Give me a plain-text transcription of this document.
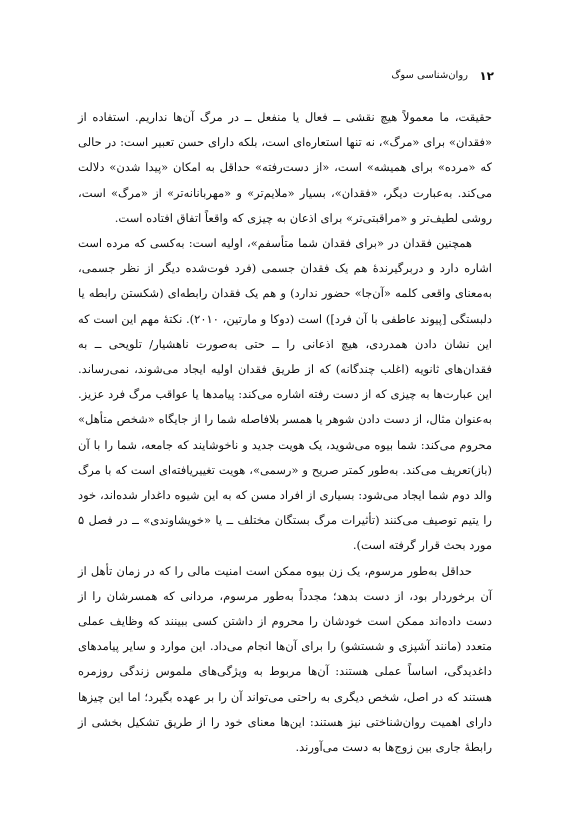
۱۲
روان‌شناسی سوگ

حقیقت، ما معمولاً هیچ نقشی ــ فعال یا منفعل ــ در مرگ آن‌ها نداریم. استفاده از «فقدان» برای «مرگ»، نه تنها استعاره‌ای است، بلکه دارای حسن تعبیر است: در حالی که «مرده» برای همیشه» است، «از دست‌رفته» حداقل به امکان «پیدا شدن» دلالت می‌کند. به‌عبارت دیگر، «فقدان»، بسیار «ملایم‌تر» و «مهربانانه‌تر» از «مرگ» است، روشی لطیف‌تر و «مراقبتی‌تر» برای اذعان به چیزی که واقعاً اتفاق افتاده است.

همچنین فقدان در «برای فقدان شما متأسفم»، اولیه است: به‌کسی که مرده است اشاره دارد و دربرگیرندۀ هم یک فقدان جسمی (فرد فوت‌شده دیگر از نظر جسمی، به‌معنای واقعی کلمه «آن‌جا» حضور ندارد) و هم یک فقدان رابطه‌ای (شکستن رابطه یا دلبستگی [پیوند عاطفی با آن فرد]) است (دوکا و مارتین، ۲۰۱۰). نکتۀ مهم این است که این نشان دادن همدردی، هیچ اذعانی را ــ حتی به‌صورت ناهشیار/ تلویحی ــ به فقدان‌های ثانویه (اغلب چندگانه) که از طریق فقدان اولیه ایجاد می‌شوند، نمی‌رساند. این عبارت‌ها به چیزی که از دست رفته اشاره می‌کند: پیامدها یا عواقب مرگ فرد عزیز. به‌عنوان مثال، از دست دادن شوهر یا همسر بلافاصله شما را از جایگاه «شخص متأهل» محروم می‌کند: شما بیوه می‌شوید، یک هویت جدید و ناخوشایند که جامعه، شما را با آن (باز)تعریف می‌کند. به‌طور کمتر صریح و «رسمی»، هویت تغییریافته‌ای است که با مرگ والد دوم شما ایجاد می‌شود: بسیاری از افراد مسن که به این شیوه داغدار شده‌اند، خود را یتیم توصیف می‌کنند (تأثیرات مرگ بستگان مختلف ــ یا «خویشاوندی» ــ در فصل ۵ مورد بحث قرار گرفته است).

حداقل به‌طور مرسوم، یک زن بیوه ممکن است امنیت مالی را که در زمان تأهل از آن برخوردار بود، از دست بدهد؛ مجدداً به‌طور مرسوم، مردانی که همسرشان را از دست داده‌اند ممکن است خودشان را محروم از داشتن کسی ببینند که وظایف عملی متعدد (مانند آشپزی و شستشو) را برای آن‌ها انجام می‌داد. این موارد و سایر پیامدهای داغدیدگی، اساساً عملی هستند: آن‌ها مربوط به ویژگی‌های ملموس زندگی روزمره هستند که در اصل، شخص دیگری به راحتی می‌تواند آن را بر عهده بگیرد؛ اما این چیزها دارای اهمیت روان‌شناختی نیز هستند: این‌ها معنای خود را از طریق تشکیل بخشی از رابطۀ جاری بین زوج‌ها به دست می‌آورند.
